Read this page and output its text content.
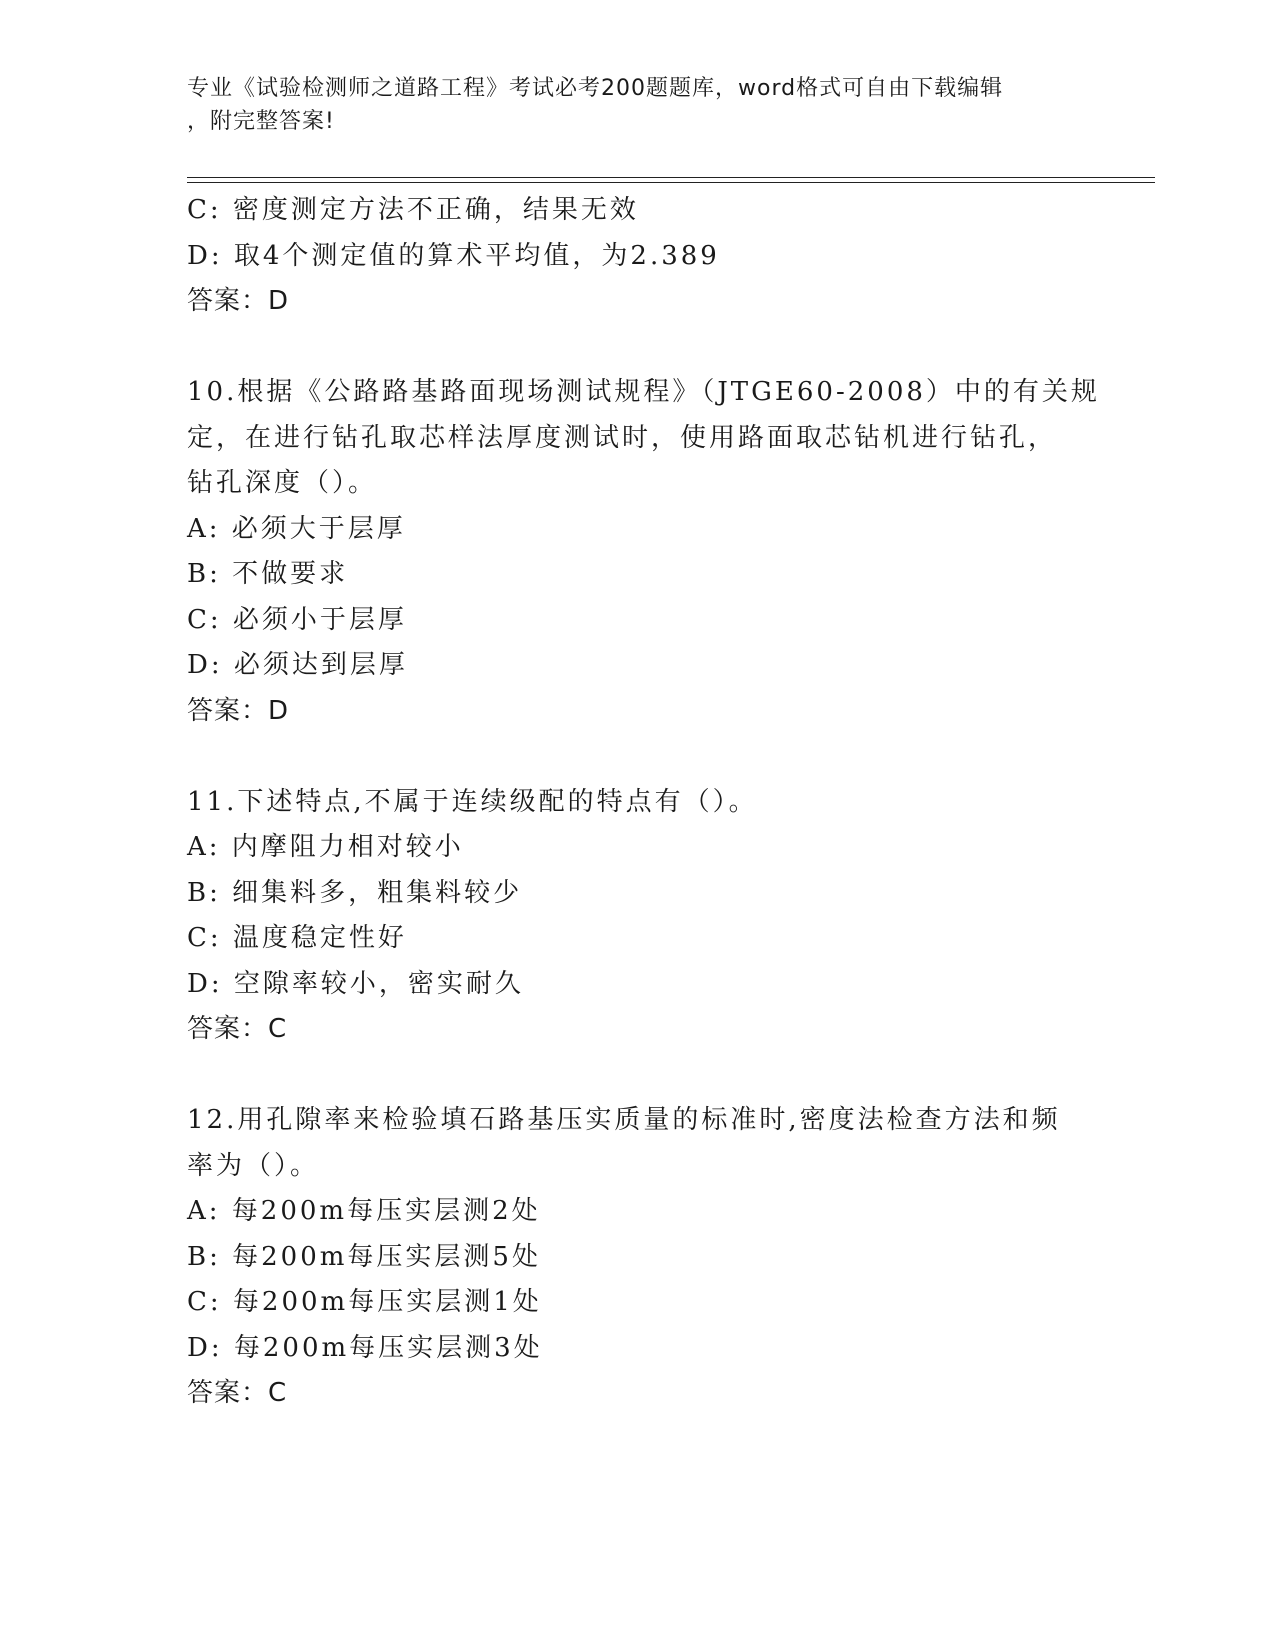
专业《试验检测师之道路工程》考试必考200题题库，word格式可自由下载编辑
，附完整答案!
C: 密度测定方法不正确，结果无效
D: 取4个测定值的算术平均值，为2.389
答案：D
10.根据《公路路基路面现场测试规程》（JTGE60-2008）中的有关规
定，在进行钻孔取芯样法厚度测试时，使用路面取芯钻机进行钻孔，
钻孔深度（）。
A: 必须大于层厚
B: 不做要求
C: 必须小于层厚
D: 必须达到层厚
答案：D
11.下述特点,不属于连续级配的特点有（）。
A: 内摩阻力相对较小
B: 细集料多，粗集料较少
C: 温度稳定性好
D: 空隙率较小，密实耐久
答案：C
12.用孔隙率来检验填石路基压实质量的标准时,密度法检查方法和频
率为（）。
A: 每200m每压实层测2处
B: 每200m每压实层测5处
C: 每200m每压实层测1处
D: 每200m每压实层测3处
答案：C
